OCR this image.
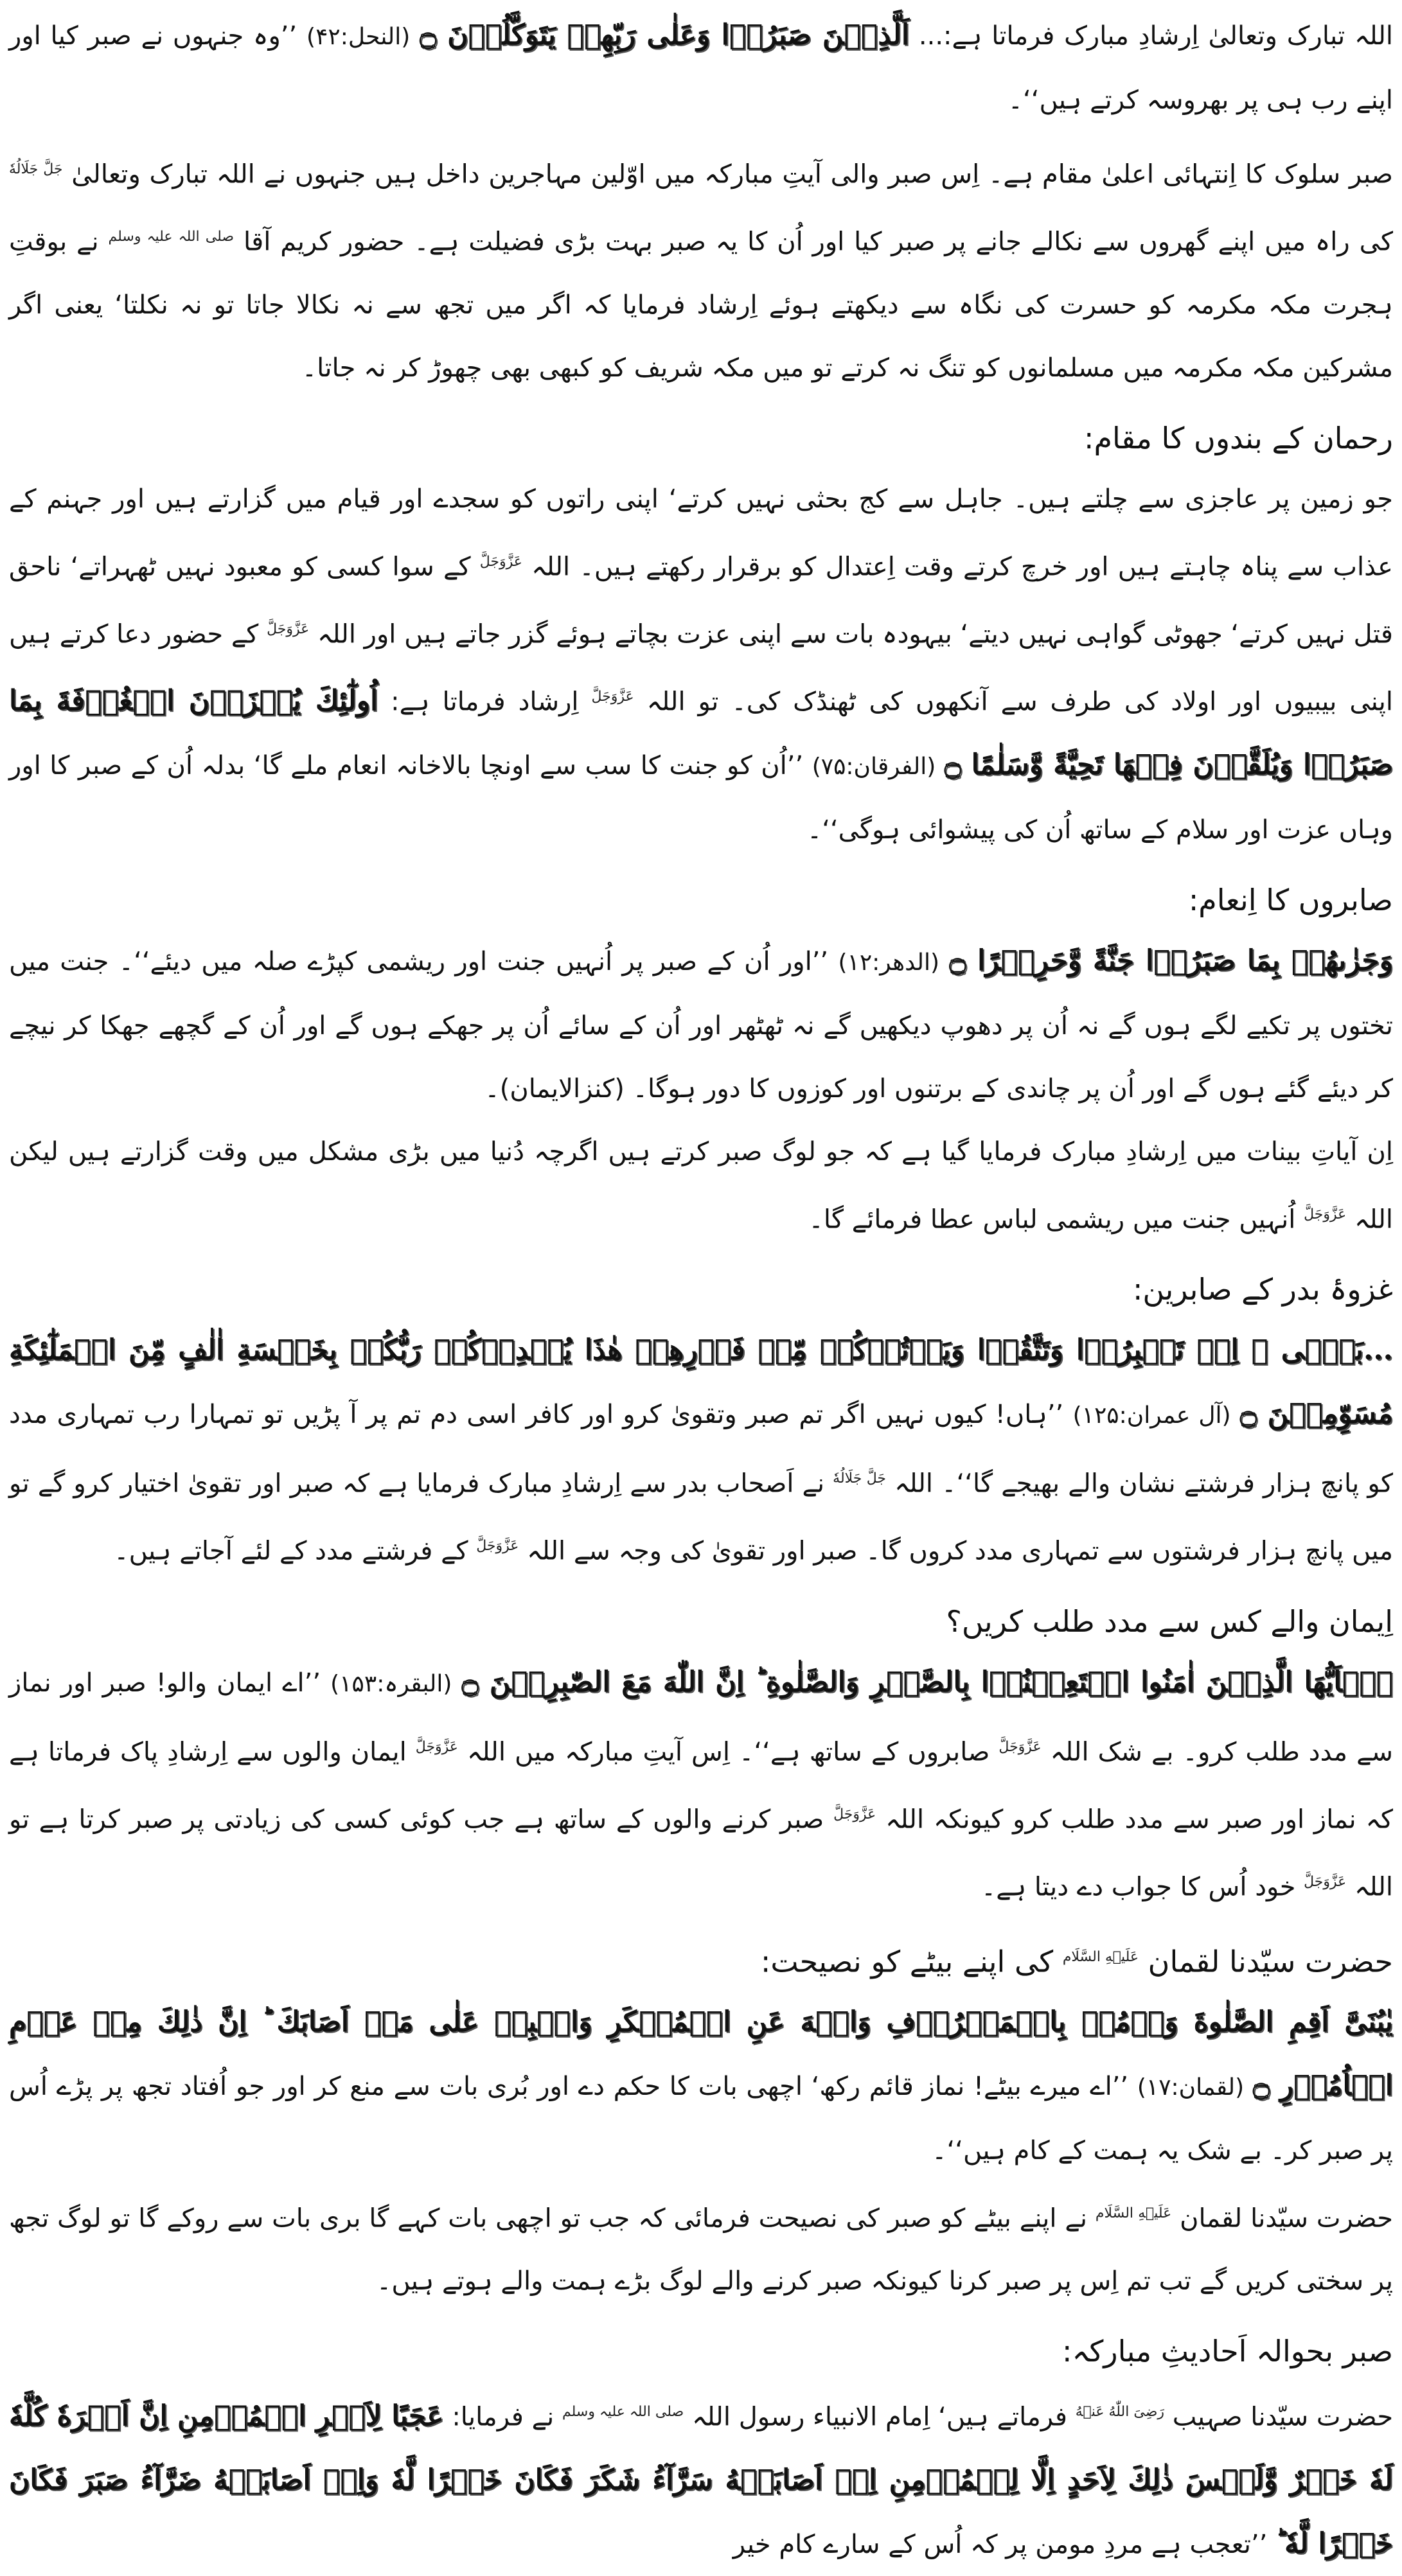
اللہ تبارک وتعالیٰ اِرشادِ مبارک فرماتا ہے:... اَلَّذِیۡنَ صَبَرُوۡا وَعَلٰی رَبِّهِمۡ یَتَوَكَّلُوۡنَ ۝ (النحل:۴۲) ’’وہ جنہوں نے صبر کیا اور اپنے رب ہی پر بھروسہ کرتے ہیں‘‘۔

صبر سلوک کا اِنتہائی اعلیٰ مقام ہے۔ اِس صبر والی آیتِ مبارکہ میں اوّلین مہاجرین داخل ہیں جنہوں نے اللہ تبارک وتعالیٰ $^{جَلَّ جَلَالُهٗ}$ کی راہ میں اپنے گھروں سے نکالے جانے پر صبر کیا اور اُن کا یہ صبر بہت بڑی فضیلت ہے۔ حضور کریم آقا $^{صلی اللہ علیہ وسلم}$ نے بوقتِ ہجرت مکہ مکرمہ کو حسرت کی نگاہ سے دیکھتے ہوئے اِرشاد فرمایا کہ اگر میں تجھ سے نہ نکالا جاتا تو نہ نکلتا‘ یعنی اگر مشرکین مکہ مکرمہ میں مسلمانوں کو تنگ نہ کرتے تو میں مکہ شریف کو کبھی بھی چھوڑ کر نہ جاتا۔

رحمان کے بندوں کا مقام:

جو زمین پر عاجزی سے چلتے ہیں۔ جاہل سے کج بحثی نہیں کرتے‘ اپنی راتوں کو سجدے اور قیام میں گزارتے ہیں اور جہنم کے عذاب سے پناہ چاہتے ہیں اور خرچ کرتے وقت اِعتدال کو برقرار رکھتے ہیں۔ اللہ $^{عَزَّوَجَلَّ}$ کے سوا کسی کو معبود نہیں ٹھہراتے‘ ناحق قتل نہیں کرتے‘ جھوٹی گواہی نہیں دیتے‘ بیہودہ بات سے اپنی عزت بچاتے ہوئے گزر جاتے ہیں اور اللہ $^{عَزَّوَجَلَّ}$ کے حضور دعا کرتے ہیں اپنی بیبیوں اور اولاد کی طرف سے آنکھوں کی ٹھنڈک کی۔ تو اللہ $^{عَزَّوَجَلَّ}$ اِرشاد فرماتا ہے: اُولٰٓئِكَ یُجۡزَوۡنَ الۡغُرۡفَةَ بِمَا صَبَرُوۡا وَیُلَقَّوۡنَ فِیۡهَا تَحِیَّةً وَّسَلٰمًا ۝ (الفرقان:۷۵) ’’اُن کو جنت کا سب سے اونچا بالاخانہ انعام ملے گا‘ بدلہ اُن کے صبر کا اور وہاں عزت اور سلام کے ساتھ اُن کی پیشوائی ہوگی‘‘۔

صابروں کا اِنعام:

وَجَزٰىهُمۡ بِمَا صَبَرُوۡا جَنَّةً وَّحَرِیۡرًا ۝ (الدھر:۱۲) ’’اور اُن کے صبر پر اُنہیں جنت اور ریشمی کپڑے صلہ میں دیئے‘‘۔ جنت میں تختوں پر تکیے لگے ہوں گے نہ اُن پر دھوپ دیکھیں گے نہ ٹھٹھر اور اُن کے سائے اُن پر جھکے ہوں گے اور اُن کے گچھے جھکا کر نیچے کر دیئے گئے ہوں گے اور اُن پر چاندی کے برتنوں اور کوزوں کا دور ہوگا۔ (کنزالایمان)۔

اِن آیاتِ بینات میں اِرشادِ مبارک فرمایا گیا ہے کہ جو لوگ صبر کرتے ہیں اگرچہ دُنیا میں بڑی مشکل میں وقت گزارتے ہیں لیکن اللہ $^{عَزَّوَجَلَّ}$ اُنہیں جنت میں ریشمی لباس عطا فرمائے گا۔

غزوۂ بدر کے صابرین:

...بَلٰۤی ۙ اِنۡ تَصۡبِرُوۡا وَتَتَّقُوۡا وَیَاۡتُوۡكُمۡ مِّنۡ فَوۡرِهِمۡ هٰذَا یُمۡدِدۡكُمۡ رَبُّكُمۡ بِخَمۡسَةِ اٰلٰفٍ مِّنَ الۡمَلٰٓئِكَةِ مُسَوِّمِیۡنَ ۝ (آل عمران:۱۲۵) ’’ہاں! کیوں نہیں اگر تم صبر وتقویٰ کرو اور کافر اسی دم تم پر آ پڑیں تو تمہارا رب تمہاری مدد کو پانچ ہزار فرشتے نشان والے بھیجے گا‘‘۔ اللہ $^{جَلَّ جَلَالُهٗ}$ نے اَصحاب بدر سے اِرشادِ مبارک فرمایا ہے کہ صبر اور تقویٰ اختیار کرو گے تو میں پانچ ہزار فرشتوں سے تمہاری مدد کروں گا۔ صبر اور تقویٰ کی وجہ سے اللہ $^{عَزَّوَجَلَّ}$ کے فرشتے مدد کے لئے آجاتے ہیں۔

اِیمان والے کس سے مدد طلب کریں؟

یٰۤاَیُّهَا الَّذِیۡنَ اٰمَنُوا اسۡتَعِیۡنُوۡا بِالصَّبۡرِ وَالصَّلٰوةِ ؕ اِنَّ اللّٰهَ مَعَ الصّٰبِرِیۡنَ ۝ (البقرہ:۱۵۳) ’’اے ایمان والو! صبر اور نماز سے مدد طلب کرو۔ بے شک اللہ $^{عَزَّوَجَلَّ}$ صابروں کے ساتھ ہے‘‘۔ اِس آیتِ مبارکہ میں اللہ $^{عَزَّوَجَلَّ}$ ایمان والوں سے اِرشادِ پاک فرماتا ہے کہ نماز اور صبر سے مدد طلب کرو کیونکہ اللہ $^{عَزَّوَجَلَّ}$ صبر کرنے والوں کے ساتھ ہے جب کوئی کسی کی زیادتی پر صبر کرتا ہے تو اللہ $^{عَزَّوَجَلَّ}$ خود اُس کا جواب دے دیتا ہے۔

حضرت سیّدنا لقمان $^{عَلَیۡهِ السَّلَام}$ کی اپنے بیٹے کو نصیحت:

یٰبُنَیَّ اَقِمِ الصَّلٰوةَ وَاۡمُرۡ بِالۡمَعۡرُوۡفِ وَانۡهَ عَنِ الۡمُنۡكَرِ وَاصۡبِرۡ عَلٰی مَاۤ اَصَابَكَ ؕ اِنَّ ذٰلِكَ مِنۡ عَزۡمِ الۡاُمُوۡرِ ۝ (لقمان:۱۷) ’’اے میرے بیٹے! نماز قائم رکھ‘ اچھی بات کا حکم دے اور بُری بات سے منع کر اور جو اُفتاد تجھ پر پڑے اُس پر صبر کر۔ بے شک یہ ہمت کے کام ہیں‘‘۔

حضرت سیّدنا لقمان $^{عَلَیۡهِ السَّلَام}$ نے اپنے بیٹے کو صبر کی نصیحت فرمائی کہ جب تو اچھی بات کہے گا بری بات سے روکے گا تو لوگ تجھ پر سختی کریں گے تب تم اِس پر صبر کرنا کیونکہ صبر کرنے والے لوگ بڑے ہمت والے ہوتے ہیں۔

صبر بحوالہ اَحادیثِ مبارکہ:

حضرت سیّدنا صہیب $^{رَضِیَ اللّٰهُ عَنۡهُ}$ فرماتے ہیں‘ اِمام الانبیاء رسول اللہ $^{صلی اللہ علیہ وسلم}$ نے فرمایا: عَجَبًا لِاَمۡرِ الۡمُؤۡمِنِ اِنَّ اَمۡرَهٗ كُلَّهٗ لَهٗ خَیۡرٌ وَّلَیۡسَ ذٰلِكَ لِاَحَدٍ اِلَّا لِلۡمُؤۡمِنِ اِنۡ اَصَابَتۡهُ سَرَّآءُ شَكَرَ فَكَانَ خَیۡرًا لَّهٗ وَاِنۡ اَصَابَتۡهُ ضَرَّآءُ صَبَرَ فَكَانَ خَیۡرًا لَّهٗ ؕ ’’تعجب ہے مردِ مومن پر کہ اُس کے سارے کام خیر
